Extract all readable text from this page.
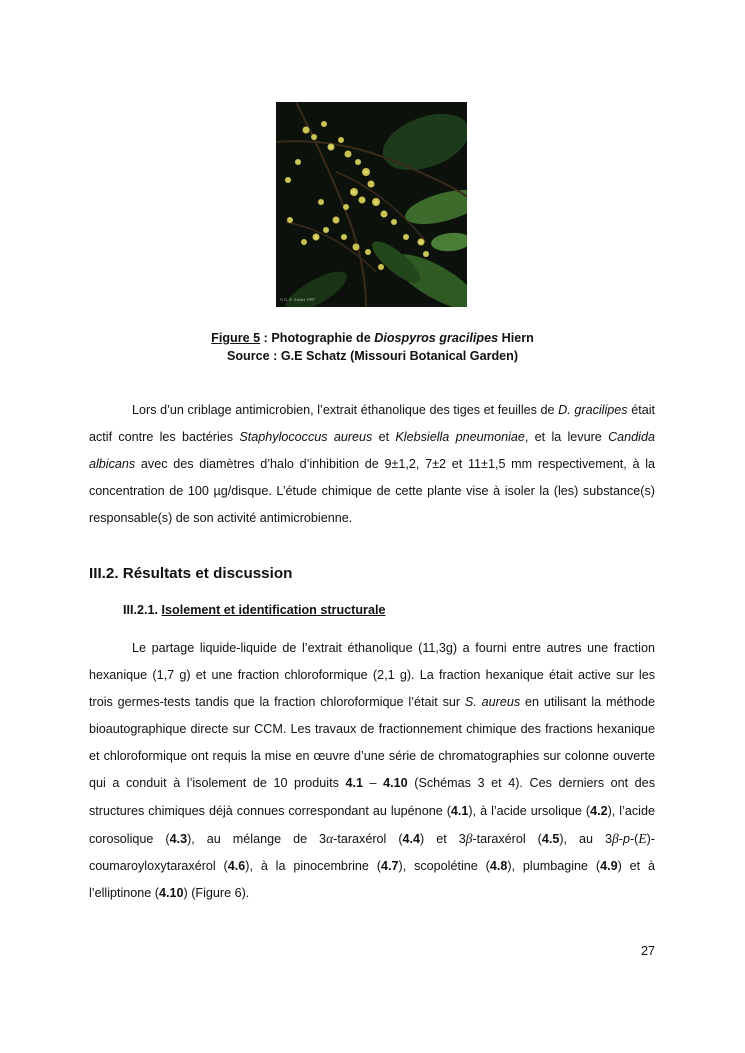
© G. E. Schatz 1997
Figure 5 : Photographie de Diospyros gracilipes Hiern
Source : G.E Schatz (Missouri Botanical Garden)
Lors d’un criblage antimicrobien, l’extrait éthanolique des tiges et feuilles de D. gracilipes était actif contre les bactéries Staphylococcus aureus et Klebsiella pneumoniae, et la levure Candida albicans avec des diamètres d’halo d’inhibition de 9±1,2, 7±2 et 11±1,5 mm respectivement, à la concentration de 100 µg/disque. L’étude chimique de cette plante vise à isoler la (les) substance(s) responsable(s) de son activité antimicrobienne.
III.2. Résultats et discussion
III.2.1. Isolement et identification structurale
Le partage liquide-liquide de l’extrait éthanolique (11,3g) a fourni entre autres une fraction hexanique (1,7 g) et une fraction chloroformique (2,1 g). La fraction hexanique était active sur les trois germes-tests tandis que la fraction chloroformique l’était sur S. aureus en utilisant la méthode bioautographique directe sur CCM. Les travaux de fractionnement chimique des fractions hexanique et chloroformique ont requis la mise en œuvre d’une série de chromatographies sur colonne ouverte qui a conduit à l’isolement de 10 produits 4.1 – 4.10 (Schémas 3 et 4). Ces derniers ont des structures chimiques déjà connues correspondant au lupénone (4.1), à l’acide ursolique (4.2), l’acide corosolique (4.3), au mélange de 3α-taraxérol (4.4) et 3β-taraxérol (4.5), au 3β-p-(E)-coumaroyloxytaraxérol (4.6), à la pinocembrine (4.7), scopolétine (4.8), plumbagine (4.9) et à l’elliptinone (4.10) (Figure 6).
27
